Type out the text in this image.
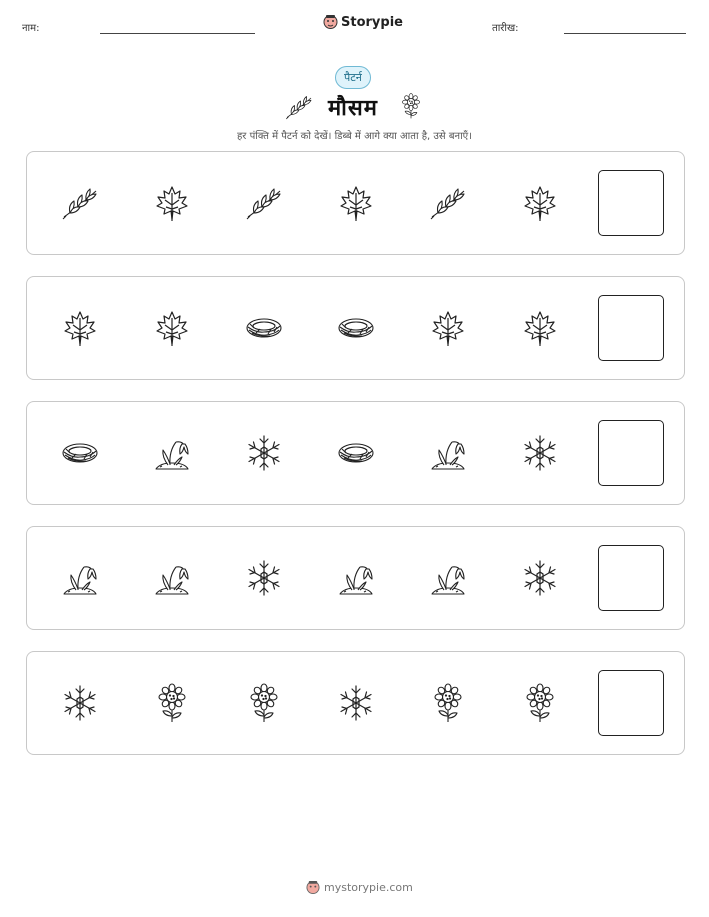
नाम:	Storypie	तारीख:
पैटर्न
मौसम
हर पंक्ति में पैटर्न को देखें। डिब्बे में आगे क्या आता है, उसे बनाएँ।
mystorypie.com
